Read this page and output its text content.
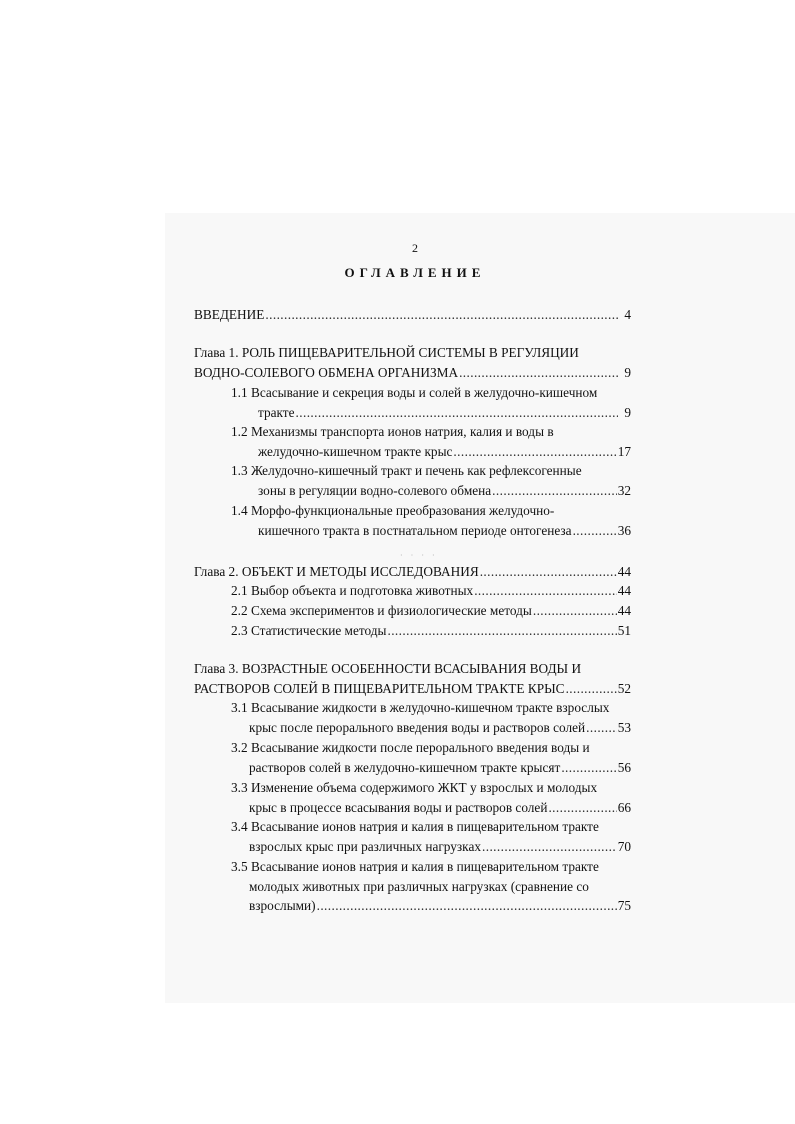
2
ОГЛАВЛЕНИЕ
· · · ·
ВВЕДЕНИЕ .....	4
Глава 1. РОЛЬ ПИЩЕВАРИТЕЛЬНОЙ СИСТЕМЫ В РЕГУЛЯЦИИ
ВОДНО-СОЛЕВОГО ОБМЕНА ОРГАНИЗМА .....	9
1.1 Всасывание и секреция воды и солей в желудочно-кишечном
тракте .....	9
1.2 Механизмы транспорта ионов натрия, калия и воды в
желудочно-кишечном тракте крыс .....	17
1.3 Желудочно-кишечный тракт и печень как рефлексогенные
зоны в регуляции водно-солевого обмена .....	32
1.4 Морфо-функциональные преобразования желудочно-
кишечного тракта в постнатальном периоде онтогенеза .....	36
Глава 2. ОБЪЕКТ И МЕТОДЫ ИССЛЕДОВАНИЯ .....	44
2.1 Выбор объекта и подготовка животных .....	44
2.2 Схема экспериментов и физиологические методы .....	44
2.3 Статистические методы .....	51
Глава 3. ВОЗРАСТНЫЕ ОСОБЕННОСТИ ВСАСЫВАНИЯ ВОДЫ И
РАСТВОРОВ СОЛЕЙ В ПИЩЕВАРИТЕЛЬНОМ ТРАКТЕ КРЫС .....	52
3.1 Всасывание жидкости в желудочно-кишечном тракте взрослых
крыс после перорального введения воды и растворов солей ..... 53
3.2 Всасывание жидкости после перорального введения воды и
растворов солей в желудочно-кишечном тракте крысят .....	56
3.3 Изменение объема содержимого ЖКТ у взрослых и молодых
крыс в процессе всасывания воды и растворов солей .....	66
3.4 Всасывание ионов натрия и калия в пищеварительном тракте
взрослых крыс при различных нагрузках .....	70
3.5 Всасывание ионов натрия и калия в пищеварительном тракте
молодых животных при различных нагрузках (сравнение со
взрослыми) .....	75
